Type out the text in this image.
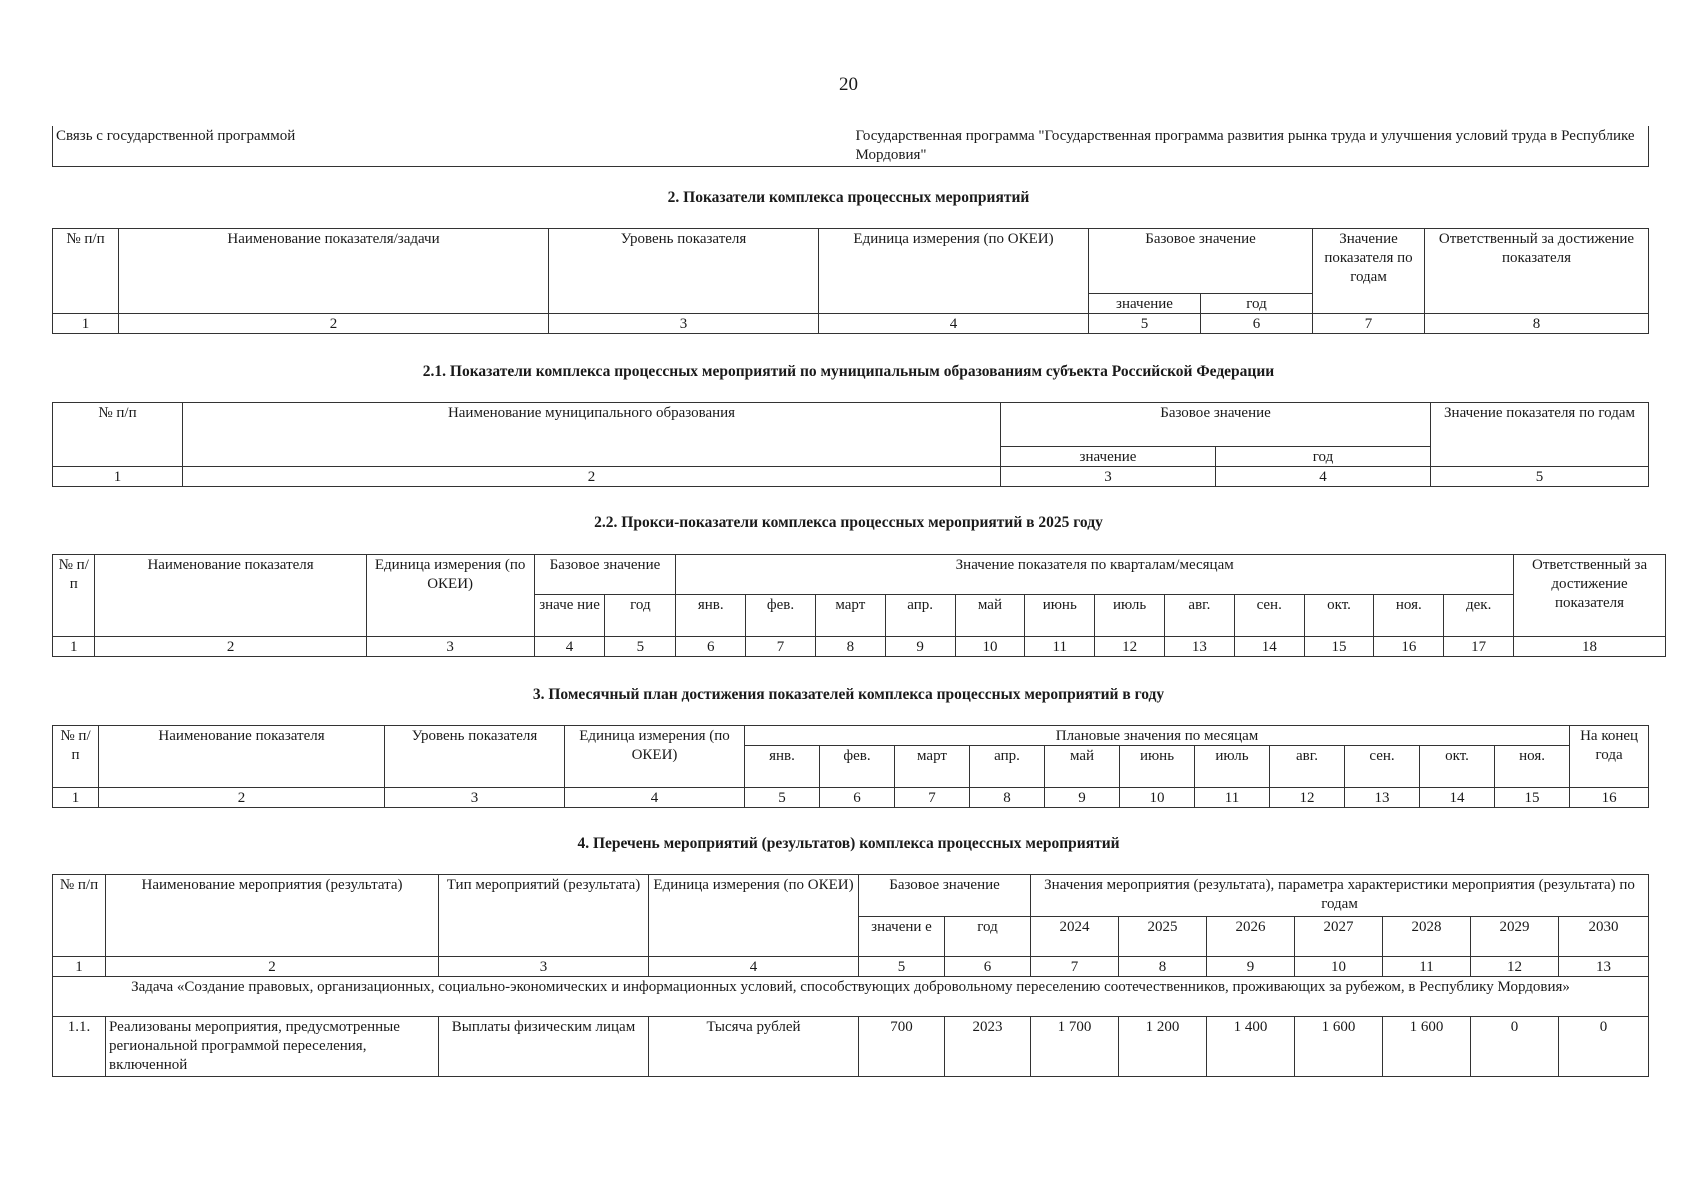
20
Связь с государственной программой	Государственная программа "Государственная программа развития рынка труда и улучшения условий труда в Республике Мордовия"
2. Показатели комплекса процессных мероприятий
№ п/п	Наименование показателя/задачи	Уровень показателя	Единица измерения (по ОКЕИ)	Базовое значение		Значение показателя по годам	Ответственный за достижение показателя
				значение	год		
1	2	3	4	5	6	7	8
2.1. Показатели комплекса процессных мероприятий по муниципальным образованиям субъекта Российской Федерации
№ п/п	Наименование муниципального образования	Базовое значение		Значение показателя по годам
		значение	год	
1	2	3	4	5
2.2. Прокси-показатели комплекса процессных мероприятий в 2025 году
№ п/ п	Наименование показателя	Единица измерения (по ОКЕИ)	Базовое значение		Значение показателя по кварталам/месяцам												Ответственный за достижение показателя
			значе ние	год	янв.	фев.	март	апр.	май	июнь	июль	авг.	сен.	окт.	ноя.	дек.	
1	2	3	4	5	6	7	8	9	10	11	12	13	14	15	16	17	18
3. Помесячный план достижения показателей комплекса процессных мероприятий в году
№ п/ п	Наименование показателя	Уровень показателя	Единица измерения (по ОКЕИ)	Плановые значения по месяцам											На конец года
				янв.	фев.	март	апр.	май	июнь	июль	авг.	сен.	окт.	ноя.	
1	2	3	4	5	6	7	8	9	10	11	12	13	14	15	16
4. Перечень мероприятий (результатов) комплекса процессных мероприятий
№ п/п	Наименование мероприятия (результата)	Тип мероприятий (результата)	Единица измерения (по ОКЕИ)	Базовое значение		Значения мероприятия (результата), параметра характеристики мероприятия (результата) по годам						
				значени е	год	2024	2025	2026	2027	2028	2029	2030
1	2	3	4	5	6	7	8	9	10	11	12	13
Задача «Создание правовых, организационных, социально-экономических и информационных условий, способствующих добровольному переселению соотечественников, проживающих за рубежом, в Республику Мордовия»												
1.1.	Реализованы мероприятия, предусмотренные региональной программой переселения, включенной	Выплаты физическим лицам	Тысяча рублей	700	2023	1 700	1 200	1 400	1 600	1 600	0	0
